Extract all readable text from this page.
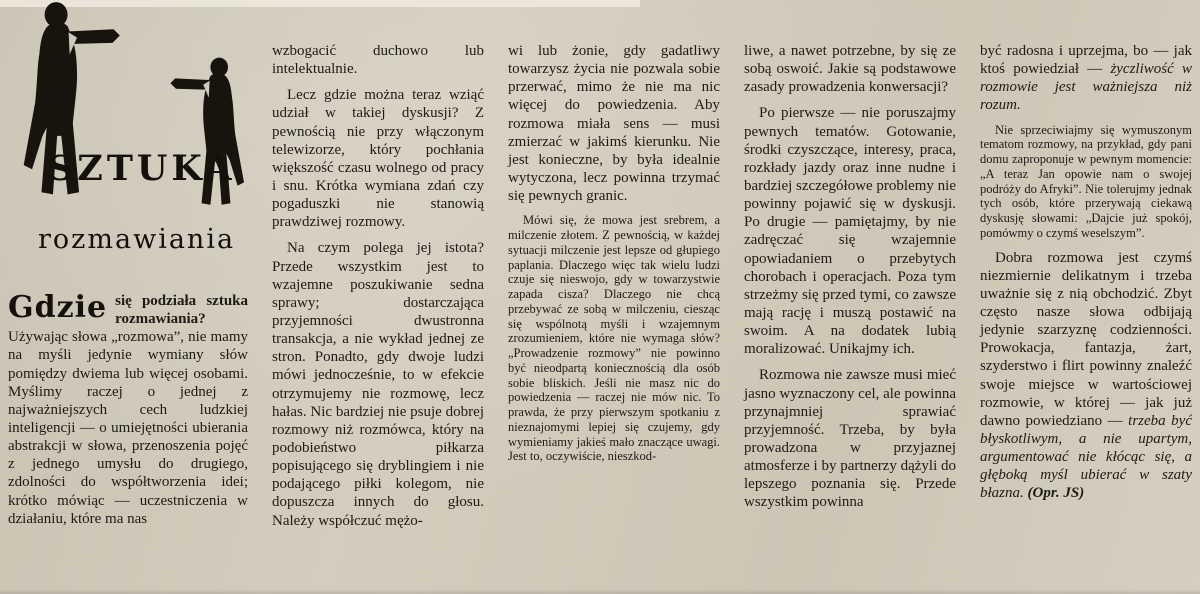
SZTUKA
rozmawiania

Gdzie się podziała sztuka rozmawiania? Używając słowa „rozmowa”, nie mamy na myśli jedynie wymiany słów pomiędzy dwiema lub więcej osobami. Myślimy raczej o jednej z najważniejszych cech ludzkiej inteligencji — o umiejętności ubierania abstrakcji w słowa, przenoszenia pojęć z jednego umysłu do drugiego, zdolności do współtworzenia idei; krótko mówiąc — uczestniczenia w działaniu, które ma nas

wzbogacić duchowo lub intelektualnie.

Lecz gdzie można teraz wziąć udział w takiej dyskusji? Z pewnością nie przy włączonym telewizorze, który pochłania większość czasu wolnego od pracy i snu. Krótka wymiana zdań czy pogaduszki nie stanowią prawdziwej rozmowy.

Na czym polega jej istota? Przede wszystkim jest to wzajemne poszukiwanie sedna sprawy; dostarczająca przyjemności dwustronna transakcja, a nie wykład jednej ze stron. Ponadto, gdy dwoje ludzi mówi jednocześnie, to w efekcie otrzymujemy nie rozmowę, lecz hałas. Nic bardziej nie psuje dobrej rozmowy niż rozmówca, który na podobieństwo piłkarza popisującego się dryblingiem i nie podającego piłki kolegom, nie dopuszcza innych do głosu. Należy współczuć mężo-

wi lub żonie, gdy gadatliwy towarzysz życia nie pozwala sobie przerwać, mimo że nie ma nic więcej do powiedzenia. Aby rozmowa miała sens — musi zmierzać w jakimś kierunku. Nie jest konieczne, by była idealnie wytyczona, lecz powinna trzymać się pewnych granic.

Mówi się, że mowa jest srebrem, a milczenie złotem. Z pewnością, w każdej sytuacji milczenie jest lepsze od głupiego paplania. Dlaczego więc tak wielu ludzi czuje się nieswojo, gdy w towarzystwie zapada cisza? Dlaczego nie chcą przebywać ze sobą w milczeniu, ciesząc się wspólnotą myśli i wzajemnym zrozumieniem, które nie wymaga słów? „Prowadzenie rozmowy” nie powinno być nieodpartą koniecznością dla osób sobie bliskich. Jeśli nie masz nic do powiedzenia — raczej nie mów nic. To prawda, że przy pierwszym spotkaniu z nieznajomymi lepiej się czujemy, gdy wymieniamy jakieś mało znaczące uwagi. Jest to, oczywiście, nieszkod-

liwe, a nawet potrzebne, by się ze sobą oswoić. Jakie są podstawowe zasady prowadzenia konwersacji?

Po pierwsze — nie poruszajmy pewnych tematów. Gotowanie, środki czyszczące, interesy, praca, rozkłady jazdy oraz inne nudne i bardziej szczegółowe problemy nie powinny pojawić się w dyskusji. Po drugie — pamiętajmy, by nie zadręczać się wzajemnie opowiadaniem o przebytych chorobach i operacjach. Poza tym strzeżmy się przed tymi, co zawsze mają rację i muszą postawić na swoim. A na dodatek lubią moralizować. Unikajmy ich.

Rozmowa nie zawsze musi mieć jasno wyznaczony cel, ale powinna przynajmniej sprawiać przyjemność. Trzeba, by była prowadzona w przyjaznej atmosferze i by partnerzy dążyli do lepszego poznania się. Przede wszystkim powinna

być radosna i uprzejma, bo — jak ktoś powiedział — życzliwość w rozmowie jest ważniejsza niż rozum.

Nie sprzeciwiajmy się wymuszonym tematom rozmowy, na przykład, gdy pani domu zaproponuje w pewnym momencie: „A teraz Jan opowie nam o swojej podróży do Afryki”. Nie tolerujmy jednak tych osób, które przerywają ciekawą dyskusję słowami: „Dajcie już spokój, pomówmy o czymś weselszym”.

Dobra rozmowa jest czymś niezmiernie delikatnym i trzeba uważnie się z nią obchodzić. Zbyt często nasze słowa odbijają jedynie szarzyznę codzienności. Prowokacja, fantazja, żart, szyderstwo i flirt powinny znaleźć swoje miejsce w wartościowej rozmowie, w której — jak już dawno powiedziano — trzeba być błyskotliwym, a nie upartym, argumentować nie kłócąc się, a głęboką myśl ubierać w szaty błazna. (Opr. JS)
